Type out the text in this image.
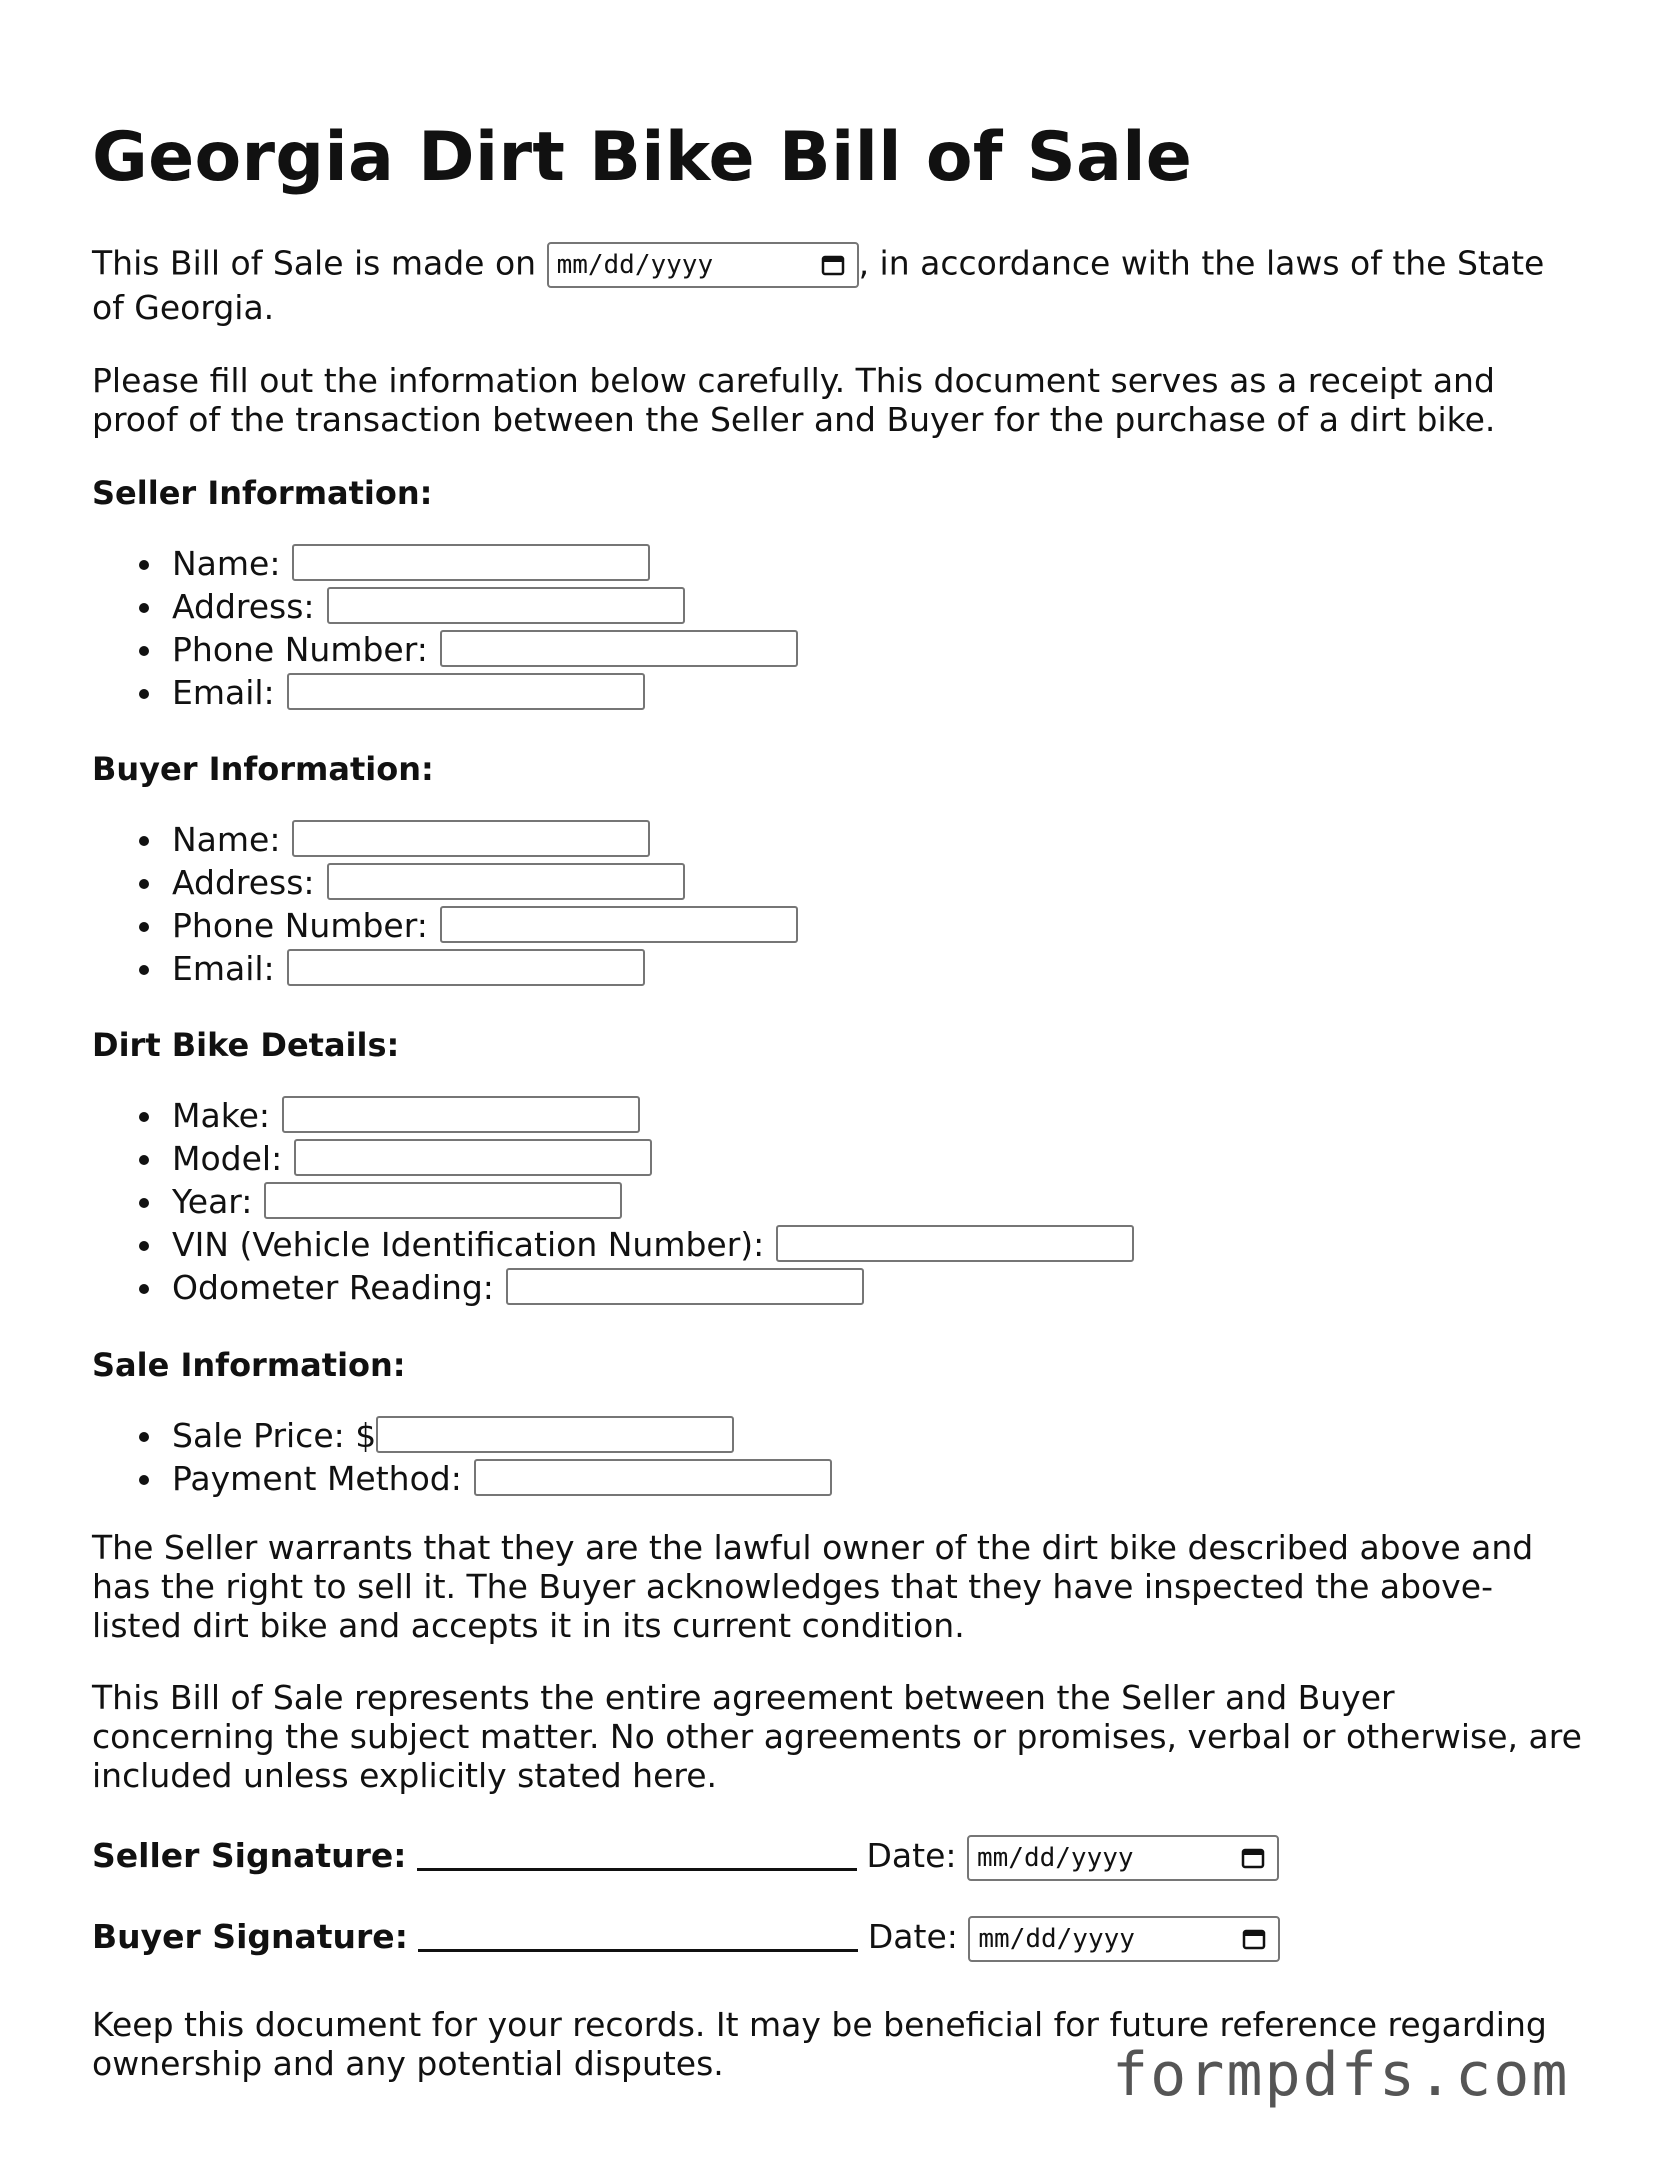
Georgia Dirt Bike Bill of Sale

This Bill of Sale is made on mm/dd/yyyy	, in accordance with the laws of the State of Georgia.

Please fill out the information below carefully. This document serves as a receipt and proof of the transaction between the Seller and Buyer for the purchase of a dirt bike.

Seller Information:
Name:
Address:
Phone Number:
Email:
Buyer Information:
Name:
Address:
Phone Number:
Email:
Dirt Bike Details:
Make:
Model:
Year:
VIN (Vehicle Identification Number):
Odometer Reading:
Sale Information:
Sale Price: $
Payment Method:

The Seller warrants that they are the lawful owner of the dirt bike described above and has the right to sell it. The Buyer acknowledges that they have inspected the above-listed dirt bike and accepts it in its current condition.

This Bill of Sale represents the entire agreement between the Seller and Buyer concerning the subject matter. No other agreements or promises, verbal or otherwise, are included unless explicitly stated here.

Seller Signature:	Date: mm/dd/yyyy
Buyer Signature:	Date: mm/dd/yyyy

Keep this document for your records. It may be beneficial for future reference regarding ownership and any potential disputes.	formpdfs.com
